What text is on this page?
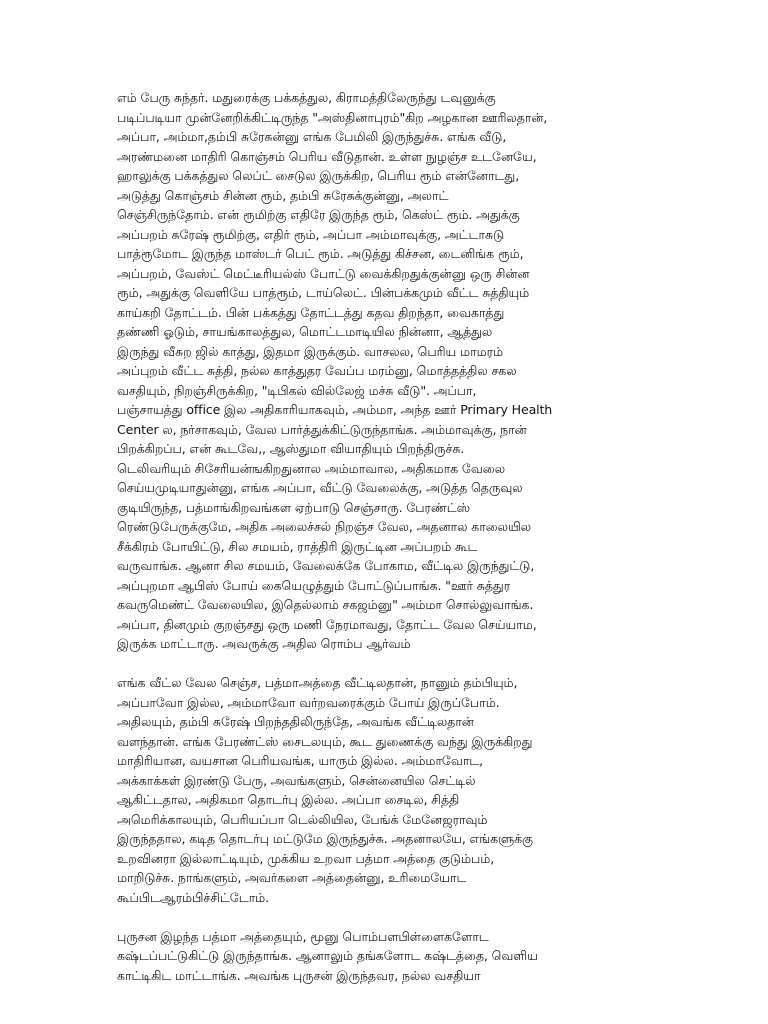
எம் பேரு சுந்தர். மதுரைக்கு பக்கத்துல, கிராமத்திலேருந்து டவுனுக்கு
படிப்படியா முன்னேறிக்கிட்டிருந்த "அஸ்தினாபுரம்"கிற அழகான ஊரிலதான்,
அப்பா, அம்மா,தம்பி சுரேசுன்னு எங்க பேமிலி இருந்துச்சு. எங்க வீடு,
அரண்மனை மாதிரி கொஞ்சம் பெரிய வீடுதான். உள்ள நுழஞ்ச உடனேயே,
ஹாலுக்கு பக்கத்துல லெப்ட் சைடுல இருக்கிற, பெரிய ரூம் என்னோடது,
அடுத்து கொஞ்சம் சின்ன ரூம், தம்பி சுரேசுக்குன்னு, அலாட்
செஞ்சிருந்தோம். என் ரூமிற்கு எதிரே இருந்த ரூம், கெஸ்ட் ரூம். அதுக்கு
அப்பறம் சுரேஷ் ரூமிற்கு, எதிர் ரூம், அப்பா அம்மாவுக்கு, அட்டாசுடு
பாத்ரூமோட இருந்த மாஸ்டர் பெட் ரூம். அடுத்து கிச்சன, டைனிங்க ரூம்,
அப்பறம், வேஸ்ட் மெட்டீரியல்ஸ் போட்டு வைக்கிறதுக்குன்னு ஒரு சின்ன
ரூம், அதுக்கு வெளியே பாத்ரூம், டாய்லெட். பின்பக்கமும் வீட்ட சுத்தியும்
காய்கறி தோட்டம். பின் பக்கத்து தோட்டத்து கதவ திறந்தா, வைகாத்து
தண்ணி ஓடும், சாயங்காலத்துல, மொட்டமாடியில நின்னா, ஆத்துல
இருந்து வீசுற ஜில் காத்து, இதமா இருக்கும். வாசலல, பெரிய மாமரம்
அப்புறம் வீட்ட சுத்தி, நல்ல காத்துதர வேப்ப மரம்னு, மொத்தத்தில சகல
வசதியும், நிறஞ்சிருக்கிற, "டிபிகல் வில்லேஜ் மச்சு வீடு". அப்பா,
பஞ்சாயத்து office இல அதிகாரியாகவும், அம்மா, அந்த ஊர் Primary Health
Center ல, நர்சாகவும், வேல பார்த்துக்கிட்டுருந்தாங்க. அம்மாவுக்கு, நான்
பிறக்கிறப்ப, என் கூடவே,, ஆஸ்துமா வியாதியும் பிறந்திருச்சு.
டெலிவரியும் சிசேரியன்ஙகிறதுனால அம்மாவால, அதிகமாக வேலை
செய்யமுடியாதுன்னு, எங்க அப்பா, வீட்டு வேலைக்கு, அடுத்த தெருவுல
குடியிருந்த, பத்மாங்கிறவங்கள ஏற்பாடு செஞ்சாரு. பேரண்ட்ஸ்
ரெண்டுபேருக்குமே, அதிக அலைச்சல் நிறஞ்ச வேல, அதனால காலையில
சீக்கிரம் போயிட்டு, சில சமயம், ராத்திரி இருட்டின அப்பறம் கூட
வருவாங்க. ஆனா சில சமயம், வேலைக்கே போகாம, வீட்டில இருந்துட்டு,
அப்புறமா ஆபிஸ் போய் கையெழுத்தும் போட்டுப்பாங்க. "ஊர் சுத்துர
கவருமெண்ட் வேலையில, இதெல்லாம் சகஜம்னு" அம்மா சொல்லுவாங்க.
அப்பா, தினமும் குறஞ்சது ஒரு மணி நேரமாவது, தோட்ட வேல செய்யாம,
இருக்க மாட்டாரு. அவருக்கு அதில ரொம்ப ஆர்வம்
எங்க வீட்ல வேல செஞ்ச, பத்மாஅத்தை வீட்டிலதான், நானும் தம்பியும்,
அப்பாவோ இல்ல, அம்மாவோ வர்றவரைக்கும் போய் இருப்போம்.
அதிலயும், தம்பி சுரேஷ் பிறந்ததிலிருந்தே, அவங்க வீட்டிலதான்
வளந்தான். எங்க பேரண்ட்ஸ் சைடலயும், கூட துணைக்கு வந்து இருக்கிறது
மாதிரியான, வயசான பெரியவங்க, யாரும் இல்ல. அம்மாவோட,
அக்காக்கள் இரண்டு பேரு, அவங்களும், சென்னையில செட்டில்
ஆகிட்டதால, அதிகமா தொடர்பு இல்ல. அப்பா சைடில, சித்தி
அமெரிக்காலயும், பெரியப்பா டெல்லியில, பேங்க் மேனேஜராவும்
இருந்ததால, கடித தொடர்பு மட்டுமே இருந்துச்சு. அதனாலயே, எங்களுக்கு
உறவினரா இல்லாட்டியும், முக்கிய உறவா பத்மா அத்தை குடும்பம்,
மாறிடுச்சு. நாங்களும், அவர்களை அத்தைன்னு, உரிமையோட
கூப்பிடஆரம்பிச்சிட்டோம்.
புருசன இழந்த பத்மா அத்தையும், மூனு பொம்பளபிள்ளைகளோட
கஷ்டப்பட்டுகிட்டு இருந்தாங்க. ஆனாலும் தங்களோட கஷ்டத்தை, வெளிய
காட்டிகிட மாட்டாங்க. அவங்க புருசன் இருந்தவர, நல்ல வசதியா
